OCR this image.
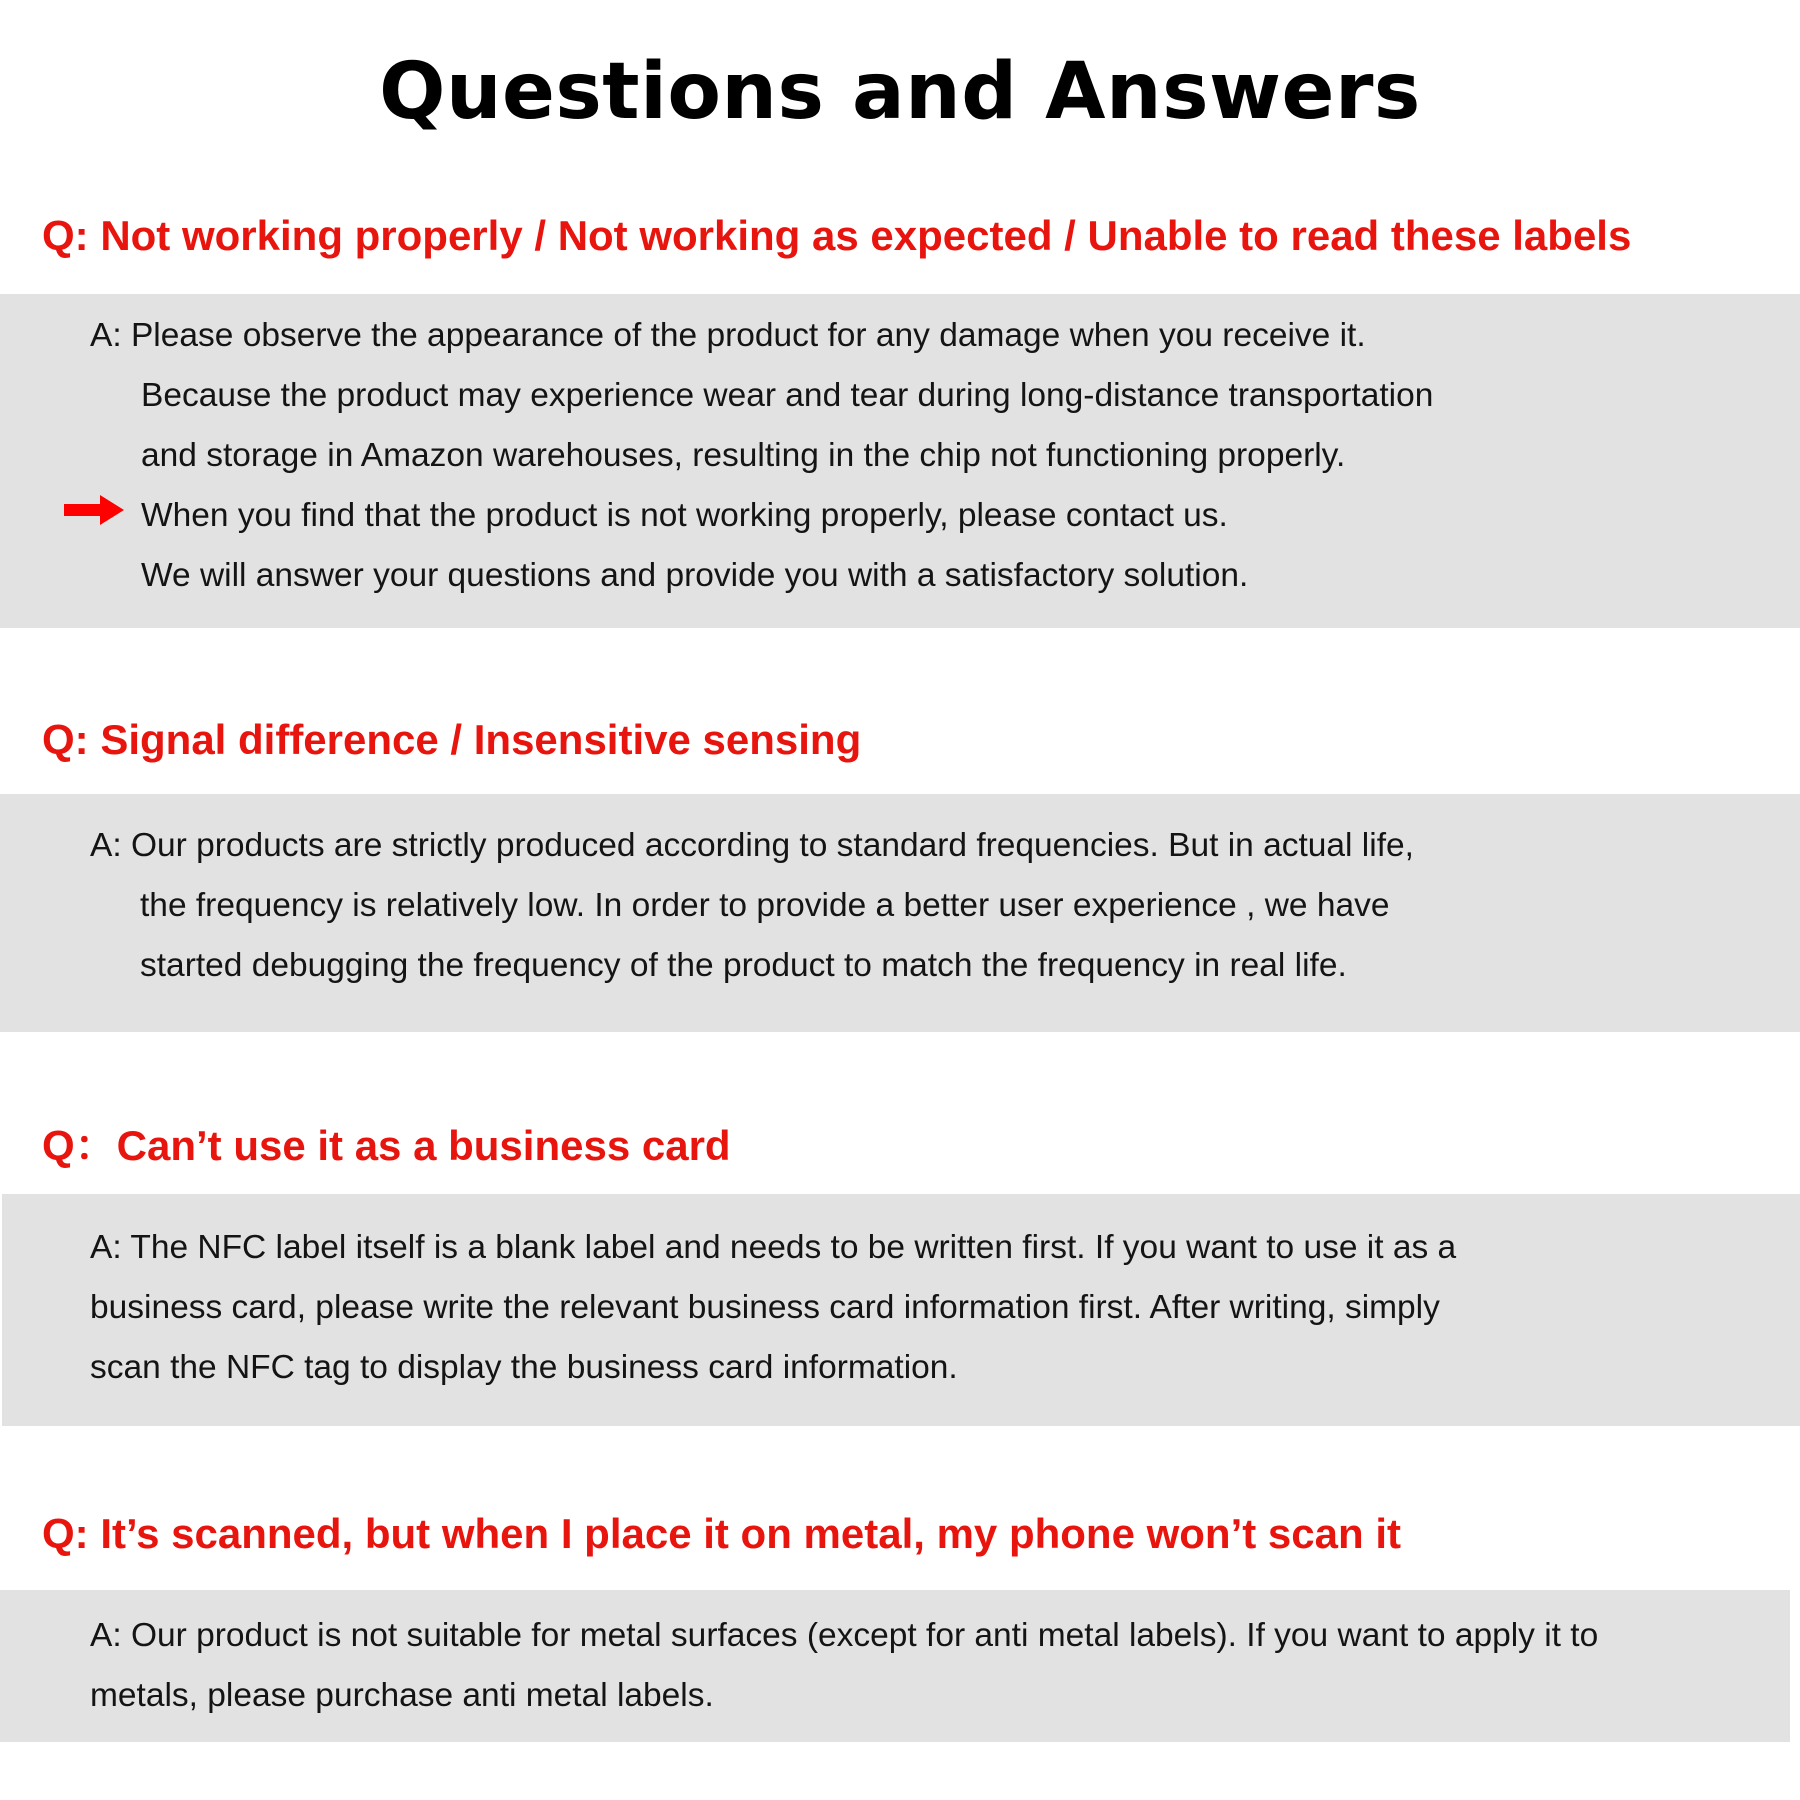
Questions and Answers
Q: Not working properly / Not working as expected / Unable to read these labels
A: Please observe the appearance of the product for any damage when you receive it.
Because the product may experience wear and tear during long-distance transportation
and storage in Amazon warehouses, resulting in the chip not functioning properly.
When you find that the product is not working properly, please contact us.
We will answer your questions and provide you with a satisfactory solution.
Q: Signal difference / Insensitive sensing
A: Our products are strictly produced according to standard frequencies. But in actual life,
the frequency is relatively low. In order to provide a better user experience , we have
started debugging the frequency of the product to match the frequency in real life.
Q：Can’t use it as a business card
A: The NFC label itself is a blank label and needs to be written first. If you want to use it as a
business card, please write the relevant business card information first. After writing, simply
scan the NFC tag to display the business card information.
Q: It’s scanned, but when I place it on metal, my phone won’t scan it
A: Our product is not suitable for metal surfaces (except for anti metal labels). If you want to apply it to
metals, please purchase anti metal labels.
